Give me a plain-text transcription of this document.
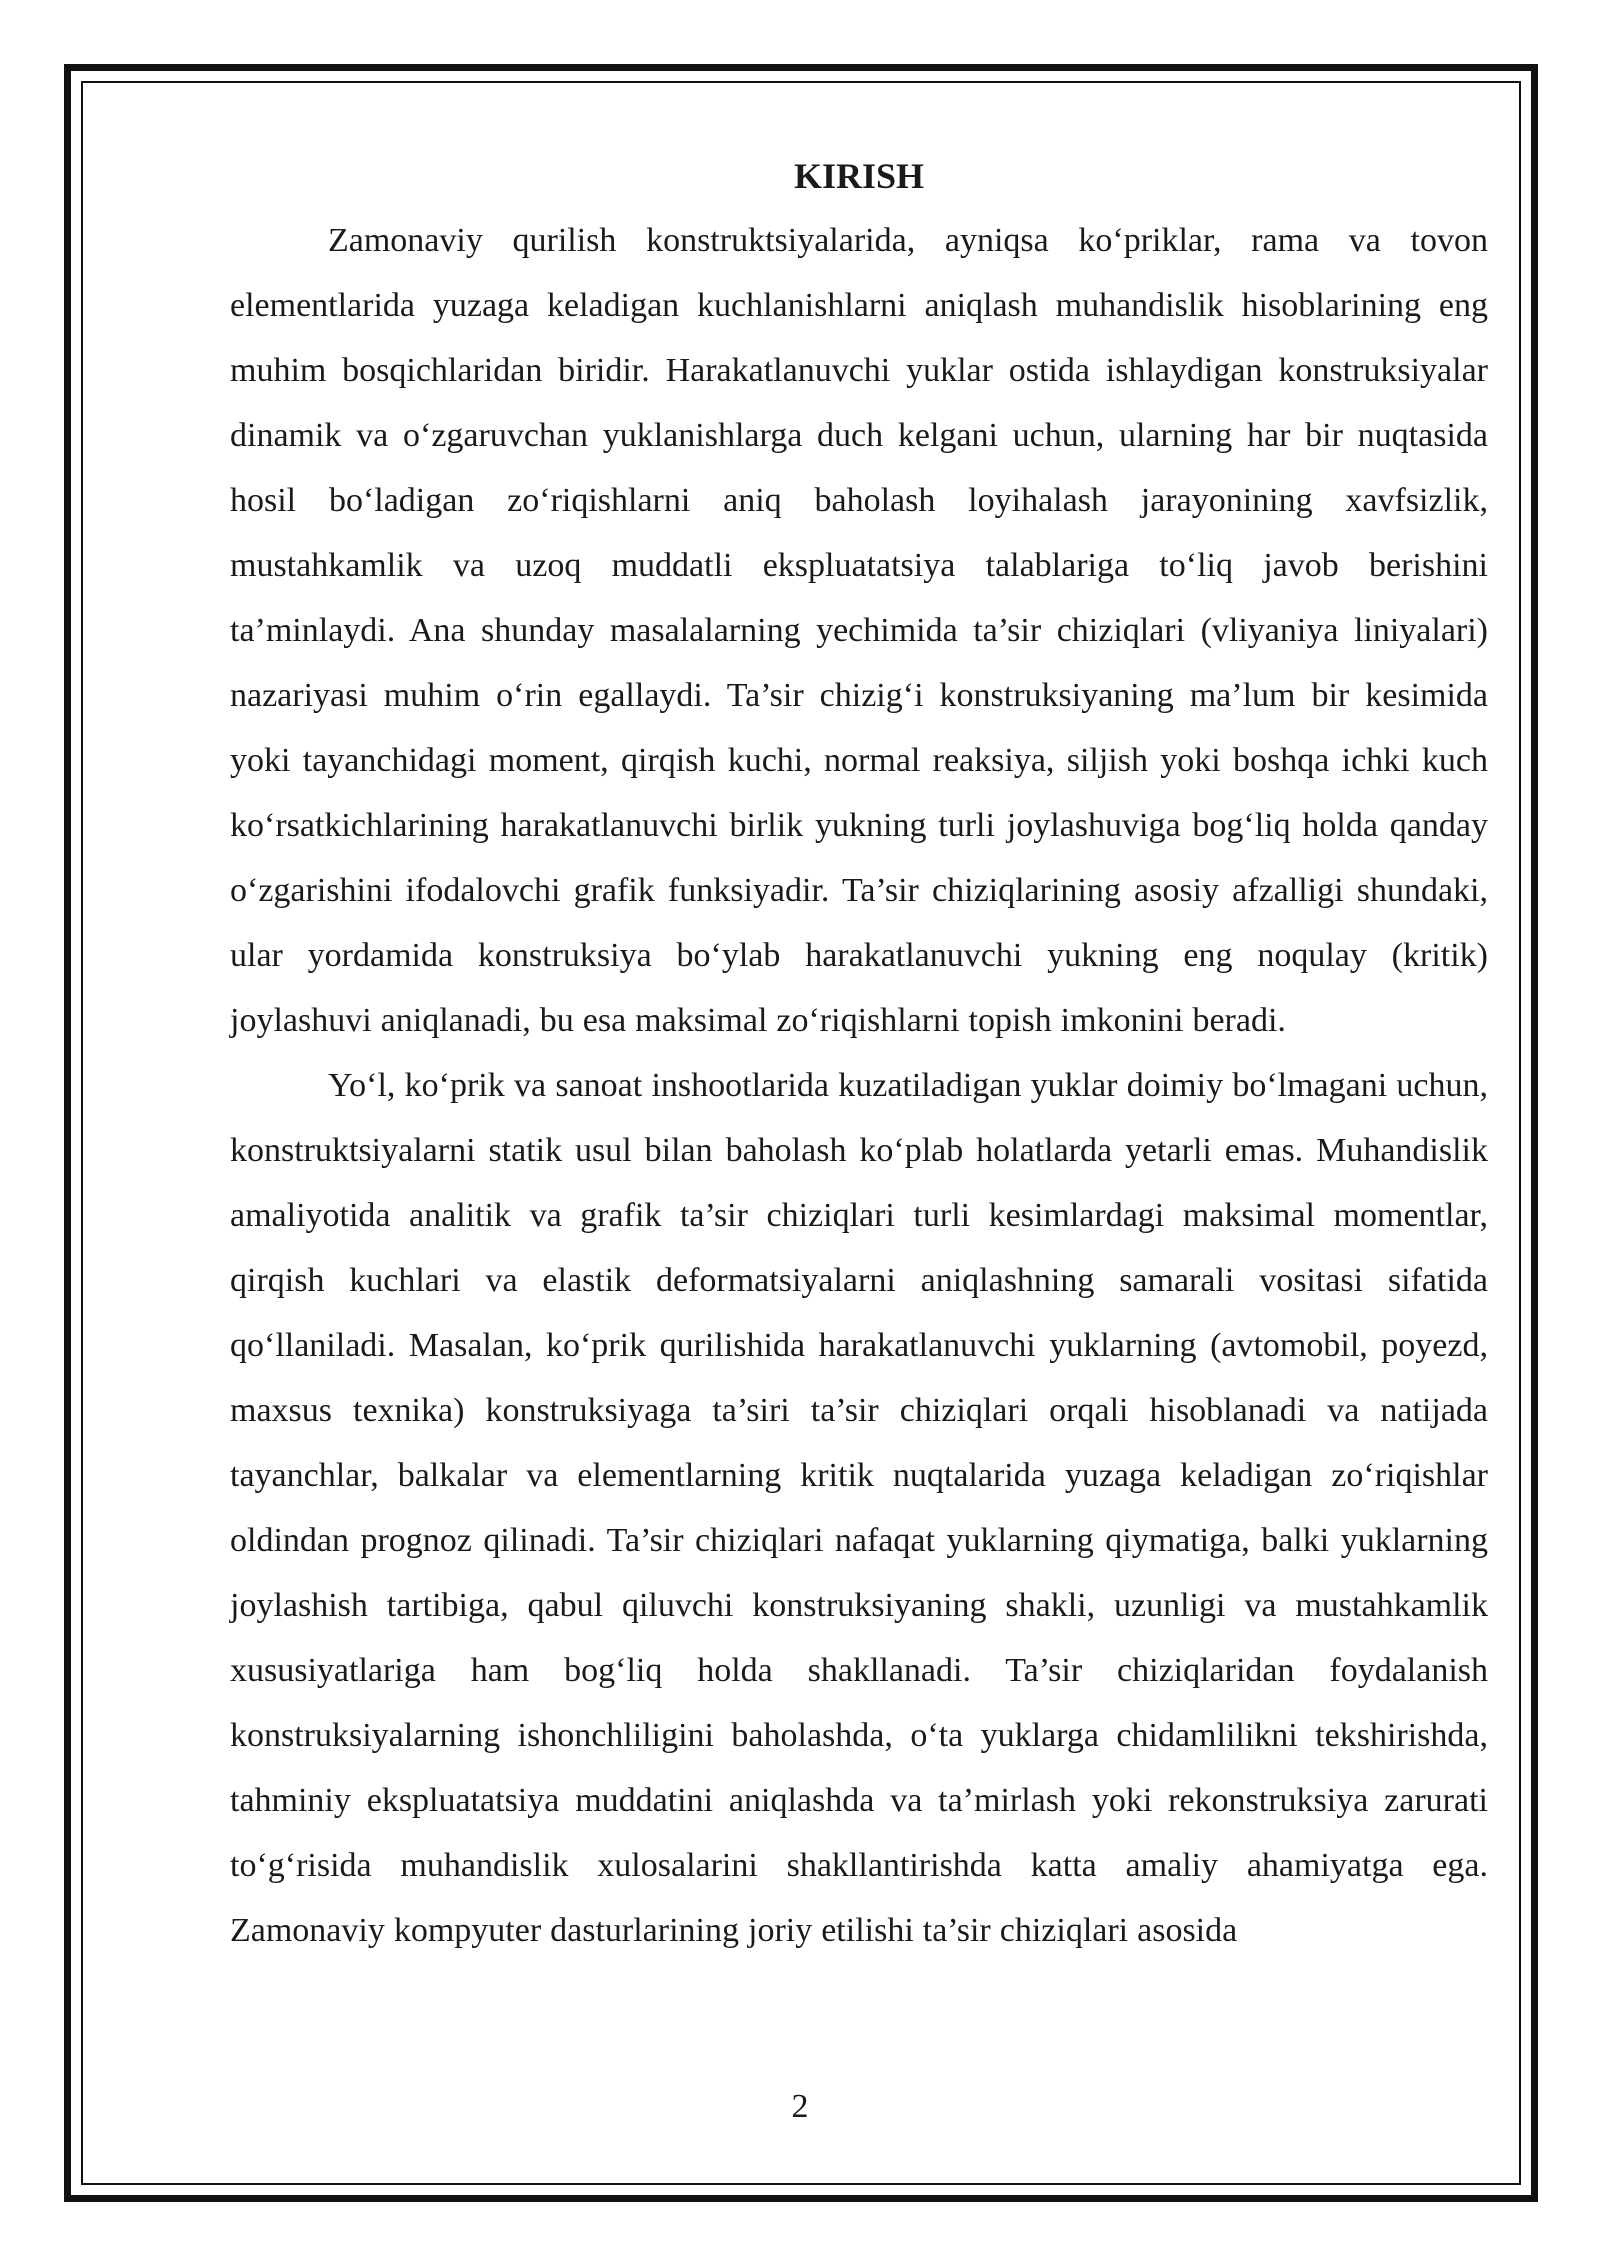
KIRISH

Zamonaviy qurilish konstruktsiyalarida, ayniqsa ko‘priklar, rama va tovon elementlarida yuzaga keladigan kuchlanishlarni aniqlash muhandislik hisoblarining eng muhim bosqichlaridan biridir. Harakatlanuvchi yuklar ostida ishlaydigan konstruksiyalar dinamik va o‘zgaruvchan yuklanishlarga duch kelgani uchun, ularning har bir nuqtasida hosil bo‘ladigan zo‘riqishlarni aniq baholash loyihalash jarayonining xavfsizlik, mustahkamlik va uzoq muddatli ekspluatatsiya talablariga to‘liq javob berishini ta’minlaydi. Ana shunday masalalarning yechimida ta’sir chiziqlari (vliyaniya liniyalari) nazariyasi muhim o‘rin egallaydi. Ta’sir chizig‘i konstruksiyaning ma’lum bir kesimida yoki tayanchidagi moment, qirqish kuchi, normal reaksiya, siljish yoki boshqa ichki kuch ko‘rsatkichlarining harakatlanuvchi birlik yukning turli joylashuviga bog‘liq holda qanday o‘zgarishini ifodalovchi grafik funksiyadir. Ta’sir chiziqlarining asosiy afzalligi shundaki, ular yordamida konstruksiya bo‘ylab harakatlanuvchi yukning eng noqulay (kritik) joylashuvi aniqlanadi, bu esa maksimal zo‘riqishlarni topish imkonini beradi.

Yo‘l, ko‘prik va sanoat inshootlarida kuzatiladigan yuklar doimiy bo‘lmagani uchun, konstruktsiyalarni statik usul bilan baholash ko‘plab holatlarda yetarli emas. Muhandislik amaliyotida analitik va grafik ta’sir chiziqlari turli kesimlardagi maksimal momentlar, qirqish kuchlari va elastik deformatsiyalarni aniqlashning samarali vositasi sifatida qo‘llaniladi. Masalan, ko‘prik qurilishida harakatlanuvchi yuklarning (avtomobil, poyezd, maxsus texnika) konstruksiyaga ta’siri ta’sir chiziqlari orqali hisoblanadi va natijada tayanchlar, balkalar va elementlarning kritik nuqtalarida yuzaga keladigan zo‘riqishlar oldindan prognoz qilinadi. Ta’sir chiziqlari nafaqat yuklarning qiymatiga, balki yuklarning joylashish tartibiga, qabul qiluvchi konstruksiyaning shakli, uzunligi va mustahkamlik xususiyatlariga ham bog‘liq holda shakllanadi. Ta’sir chiziqlaridan foydalanish konstruksiyalarning ishonchliligini baholashda, o‘ta yuklarga chidamlilikni tekshirishda, tahminiy ekspluatatsiya muddatini aniqlashda va ta’mirlash yoki rekonstruksiya zarurati to‘g‘risida muhandislik xulosalarini shakllantirishda katta amaliy ahamiyatga ega. Zamonaviy kompyuter dasturlarining joriy etilishi ta’sir chiziqlari asosida

2
